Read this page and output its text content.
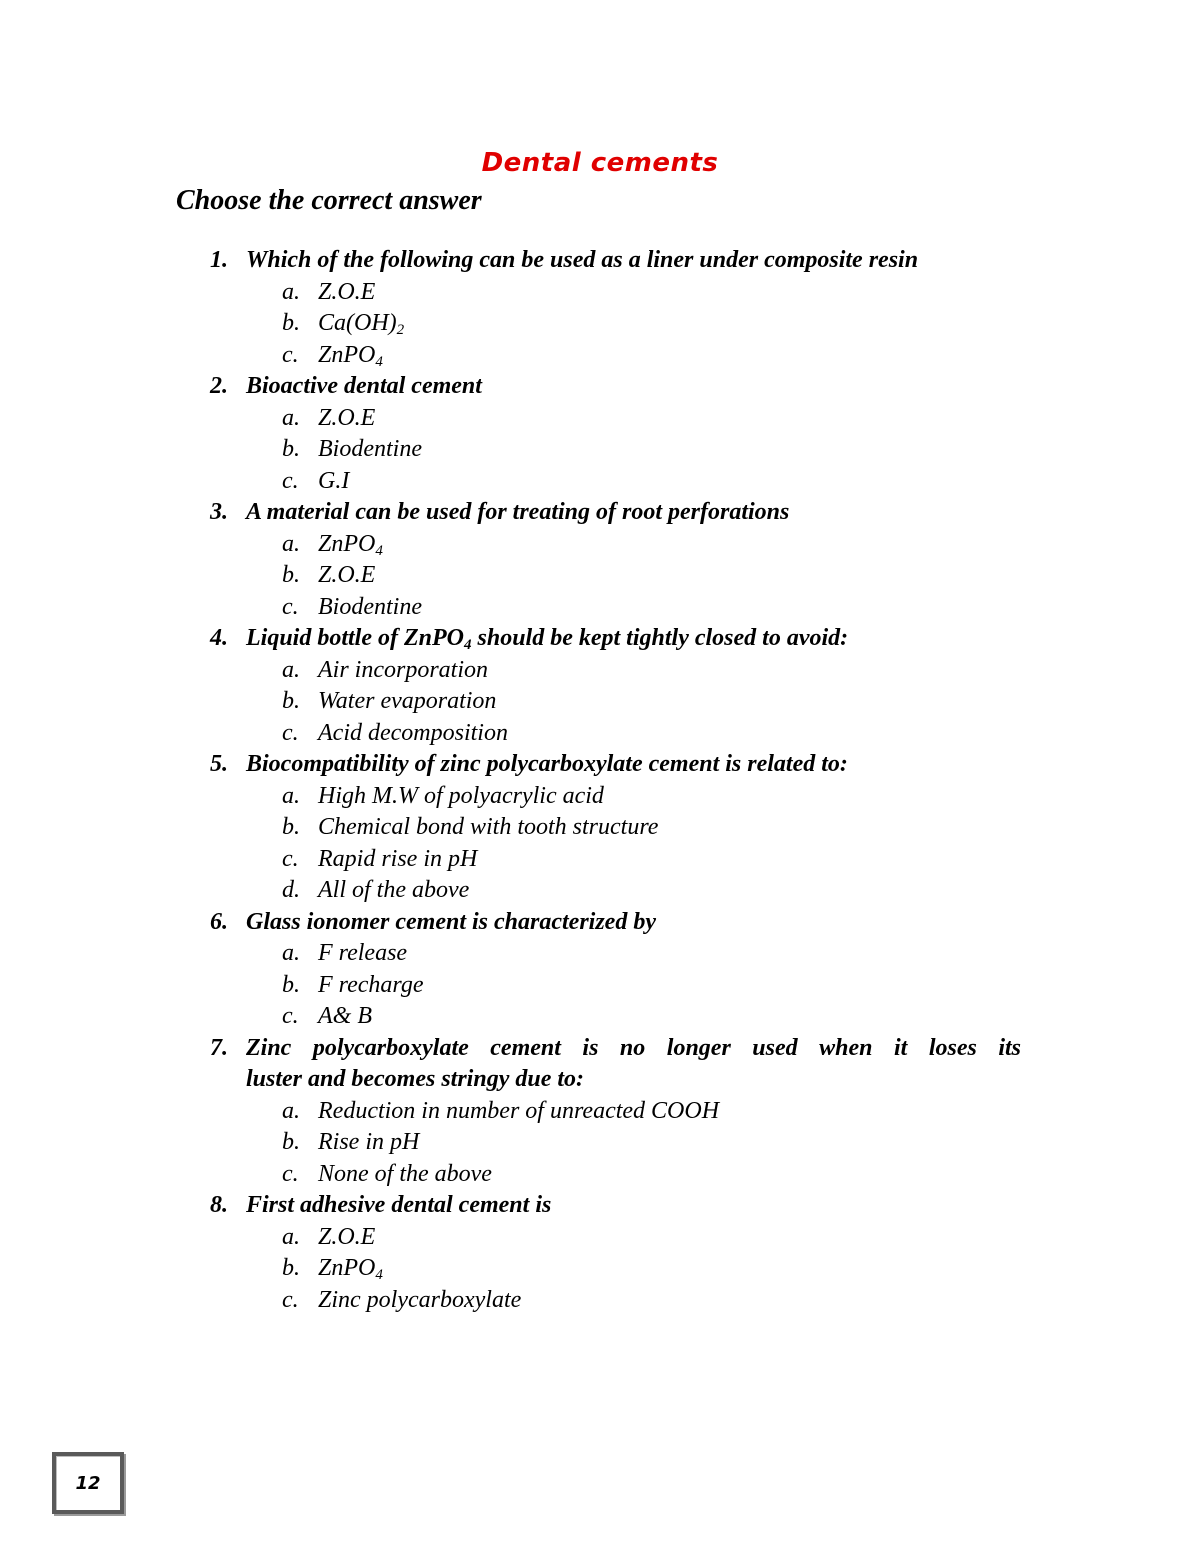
Dental cements
Choose the correct answer
1. Which of the following can be used as a liner under composite resin
a. Z.O.E
b. $Ca(OH)_2$
c. ZnPO$_4$
2. Bioactive dental cement
a. Z.O.E
b. Biodentine
c. G.I
3. A material can be used for treating of root perforations
a. ZnPO$_4$
b. Z.O.E
c. Biodentine
4. Liquid bottle of ZnPO$_4$ should be kept tightly closed to avoid:
a. Air incorporation
b. Water evaporation
c. Acid decomposition
5. Biocompatibility of zinc polycarboxylate cement is related to:
a. High M.W of polyacrylic acid
b. Chemical bond with tooth structure
c. Rapid rise in pH
d. All of the above
6. Glass ionomer cement is characterized by
a. F release
b. F recharge
c. A& B
7. Zinc polycarboxylate cement is no longer used when it loses its
luster and becomes stringy due to:
a. Reduction in number of unreacted COOH
b. Rise in pH
c. None of the above
8. First adhesive dental cement is
a. Z.O.E
b. ZnPO$_4$
c. Zinc polycarboxylate
12
